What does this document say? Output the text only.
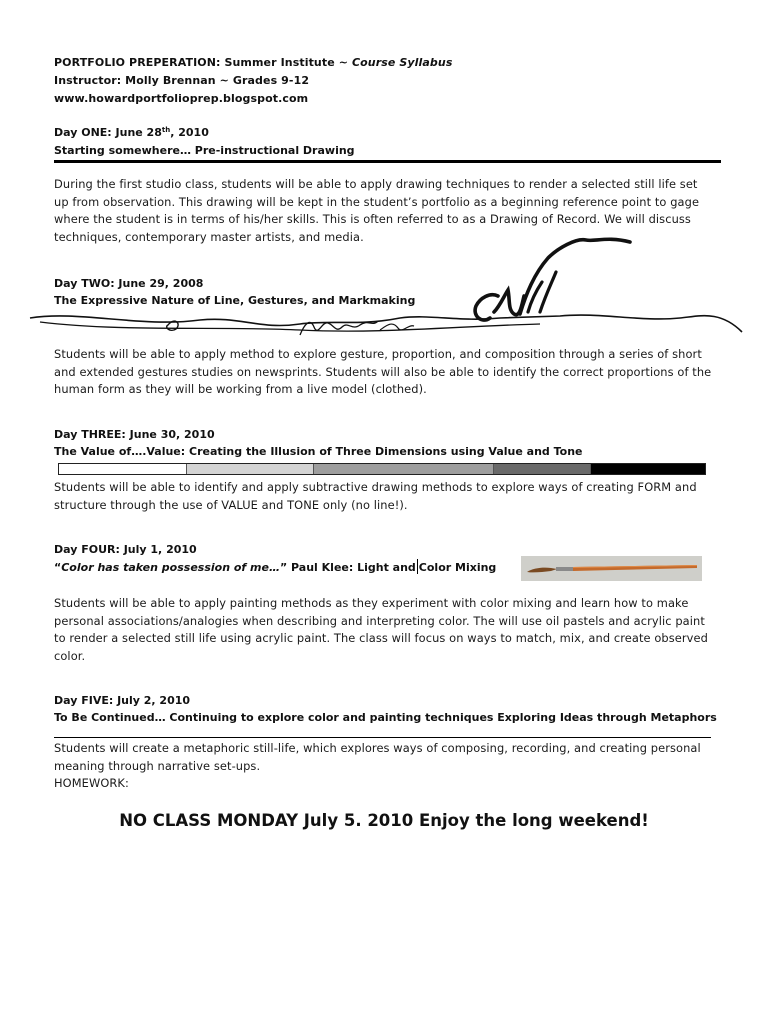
PORTFOLIO PREPERATION: Summer Institute ~ Course Syllabus
Instructor: Molly Brennan ~ Grades 9-12
www.howardportfolioprep.blogspot.com
Day ONE: June 28th, 2010
Starting somewhere… Pre-instructional Drawing
During the first studio class, students will be able to apply drawing techniques to render a selected still life set up from observation. This drawing will be kept in the student’s portfolio as a beginning reference point to gage where the student is in terms of his/her skills. This is often referred to as a Drawing of Record. We will discuss techniques, contemporary master artists, and media.
Day TWO: June 29, 2008
The Expressive Nature of Line, Gestures, and Markmaking
Students will be able to apply method to explore gesture, proportion, and composition through a series of short and extended gestures studies on newsprints. Students will also be able to identify the correct proportions of the human form as they will be working from a live model (clothed).
Day THREE: June 30, 2010
The Value of….Value: Creating the Illusion of Three Dimensions using Value and Tone
Students will be able to identify and apply subtractive drawing methods to explore ways of creating FORM and structure through the use of VALUE and TONE only (no line!).
Day FOUR: July 1, 2010
“Color has taken possession of me…” Paul Klee: Light and Color Mixing
Students will be able to apply painting methods as they experiment with color mixing and learn how to make personal associations/analogies when describing and interpreting color. The will use oil pastels and acrylic paint to render a selected still life using acrylic paint. The class will focus on ways to match, mix, and create observed color.
Day FIVE: July 2, 2010
To Be Continued… Continuing to explore color and painting techniques Exploring Ideas through Metaphors
Students will create a metaphoric still-life, which explores ways of composing, recording, and creating personal meaning through narrative set-ups.
HOMEWORK:
NO CLASS MONDAY July 5. 2010 Enjoy the long weekend!
